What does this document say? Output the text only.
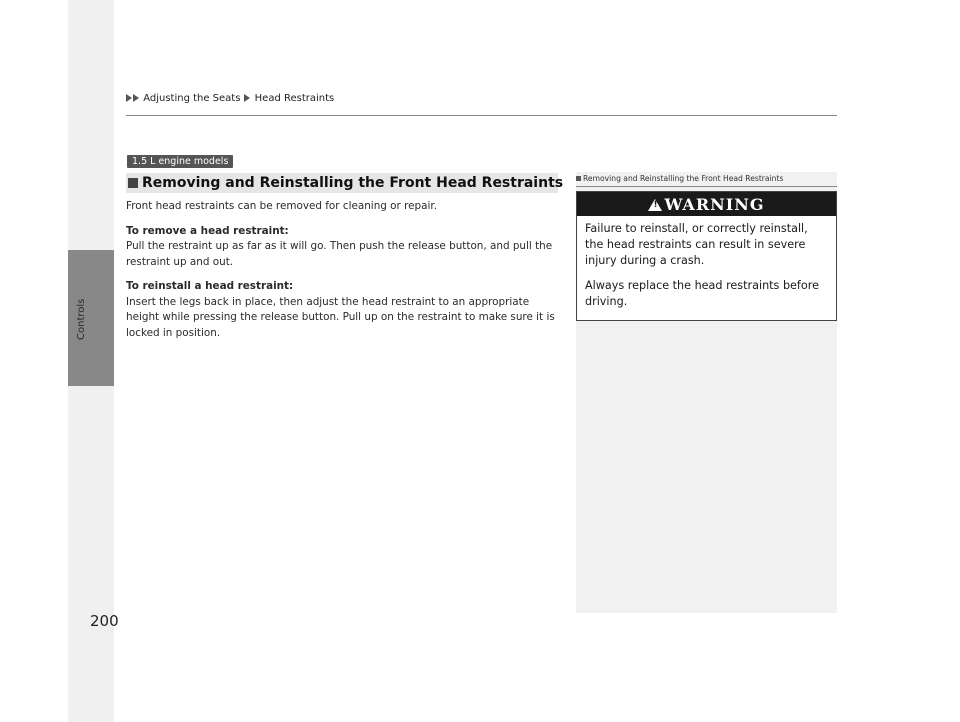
Adjusting the Seats Head Restraints
Controls
200
1.5 L engine models
Removing and Reinstalling the Front Head Restraints

Front head restraints can be removed for cleaning or repair.

To remove a head restraint:

Pull the restraint up as far as it will go. Then push the release button, and pull the restraint up and out.

To reinstall a head restraint:

Insert the legs back in place, then adjust the head restraint to an appropriate height while pressing the release button. Pull up on the restraint to make sure it is locked in position.

Removing and Reinstalling the Front Head Restraints
!WARNING

Failure to reinstall, or correctly reinstall, the head restraints can result in severe injury during a crash.

Always replace the head restraints before driving.
